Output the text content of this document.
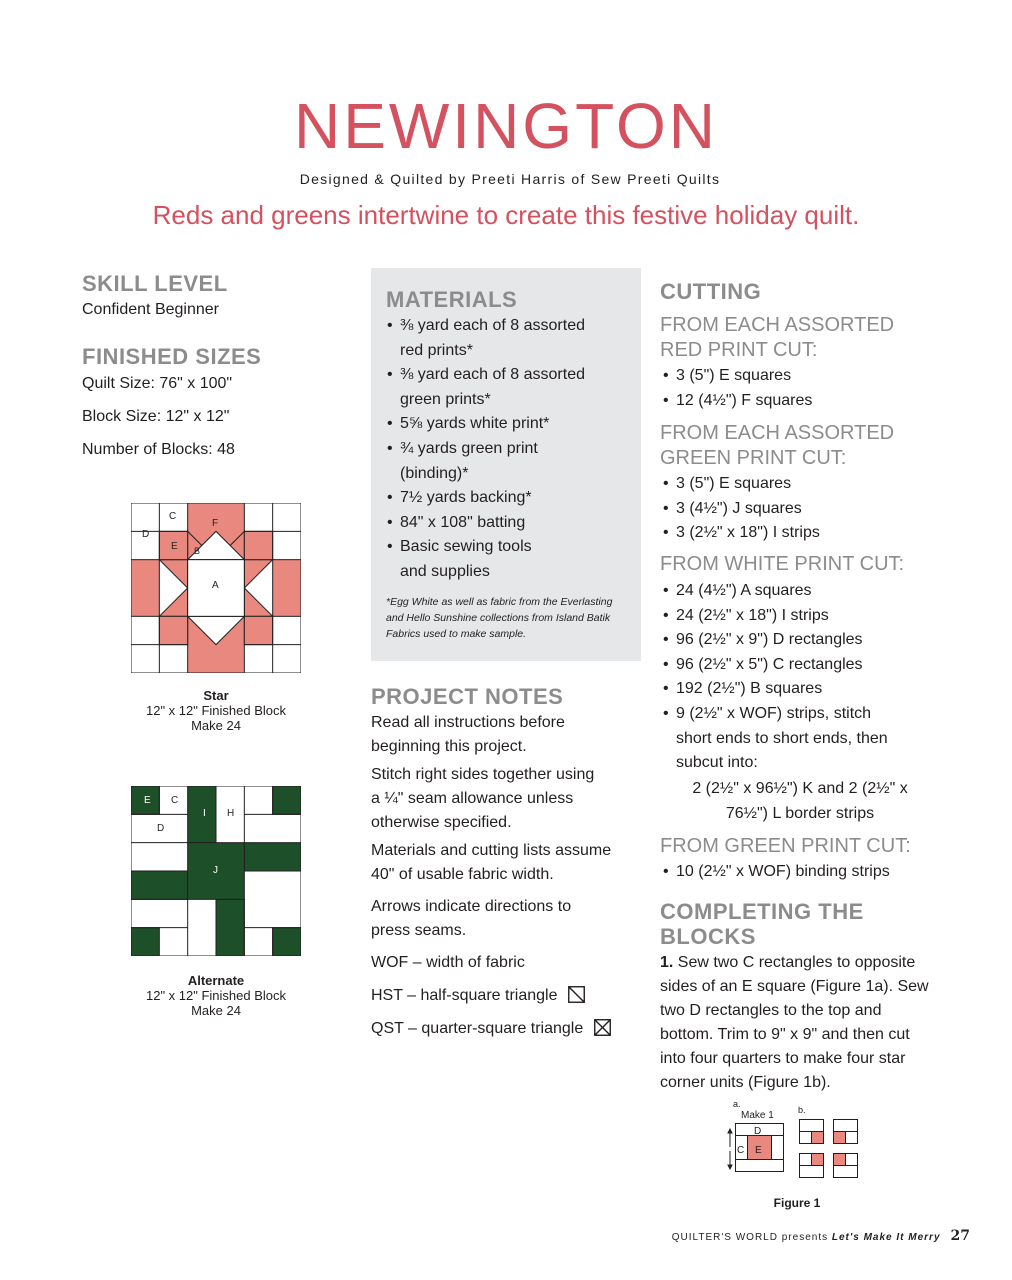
NEWINGTON
Designed & Quilted by Preeti Harris of Sew Preeti Quilts
Reds and greens intertwine to create this festive holiday quilt.
SKILL LEVEL
Confident Beginner
FINISHED SIZES
Quilt Size: 76" x 100"
Block Size: 12" x 12"
Number of Blocks: 48
C
D
E B
F
A
Star
12" x 12" Finished Block
Make 24
E C
D
I H
J
Alternate
12" x 12" Finished Block
Make 24
MATERIALS
• ⅜ yard each of 8 assorted
red prints*
• ⅜ yard each of 8 assorted
green prints*
• 5⅝ yards white print*
• ¾ yards green print
(binding)*
• 7½ yards backing*
• 84" x 108" batting
• Basic sewing tools
and supplies
*Egg White as well as fabric from the Everlasting
and Hello Sunshine collections from Island Batik
Fabrics used to make sample.
PROJECT NOTES
Read all instructions before
beginning this project.
Stitch right sides together using
a ¼" seam allowance unless
otherwise specified.
Materials and cutting lists assume
40" of usable fabric width.
Arrows indicate directions to
press seams.
WOF – width of fabric
HST – half-square triangle
QST – quarter-square triangle
CUTTING
FROM EACH ASSORTED
RED PRINT CUT:
• 3 (5") E squares
• 12 (4½") F squares
FROM EACH ASSORTED
GREEN PRINT CUT:
• 3 (5") E squares
• 3 (4½") J squares
• 3 (2½" x 18") I strips
FROM WHITE PRINT CUT:
• 24 (4½") A squares
• 24 (2½" x 18") I strips
• 96 (2½" x 9") D rectangles
• 96 (2½" x 5") C rectangles
• 192 (2½") B squares
• 9 (2½" x WOF) strips, stitch
short ends to short ends, then
subcut into:
2 (2½" x 96½") K and 2 (2½" x
76½") L border strips
FROM GREEN PRINT CUT:
• 10 (2½" x WOF) binding strips
COMPLETING THE
BLOCKS
1. Sew two C rectangles to opposite
sides of an E square (Figure 1a). Sew
two D rectangles to the top and
bottom. Trim to 9" x 9" and then cut
into four quarters to make four star
corner units (Figure 1b).
a.
Make 1	b.
D
C E
Figure 1
QUILTER'S WORLD presents Let's Make It Merry 27
